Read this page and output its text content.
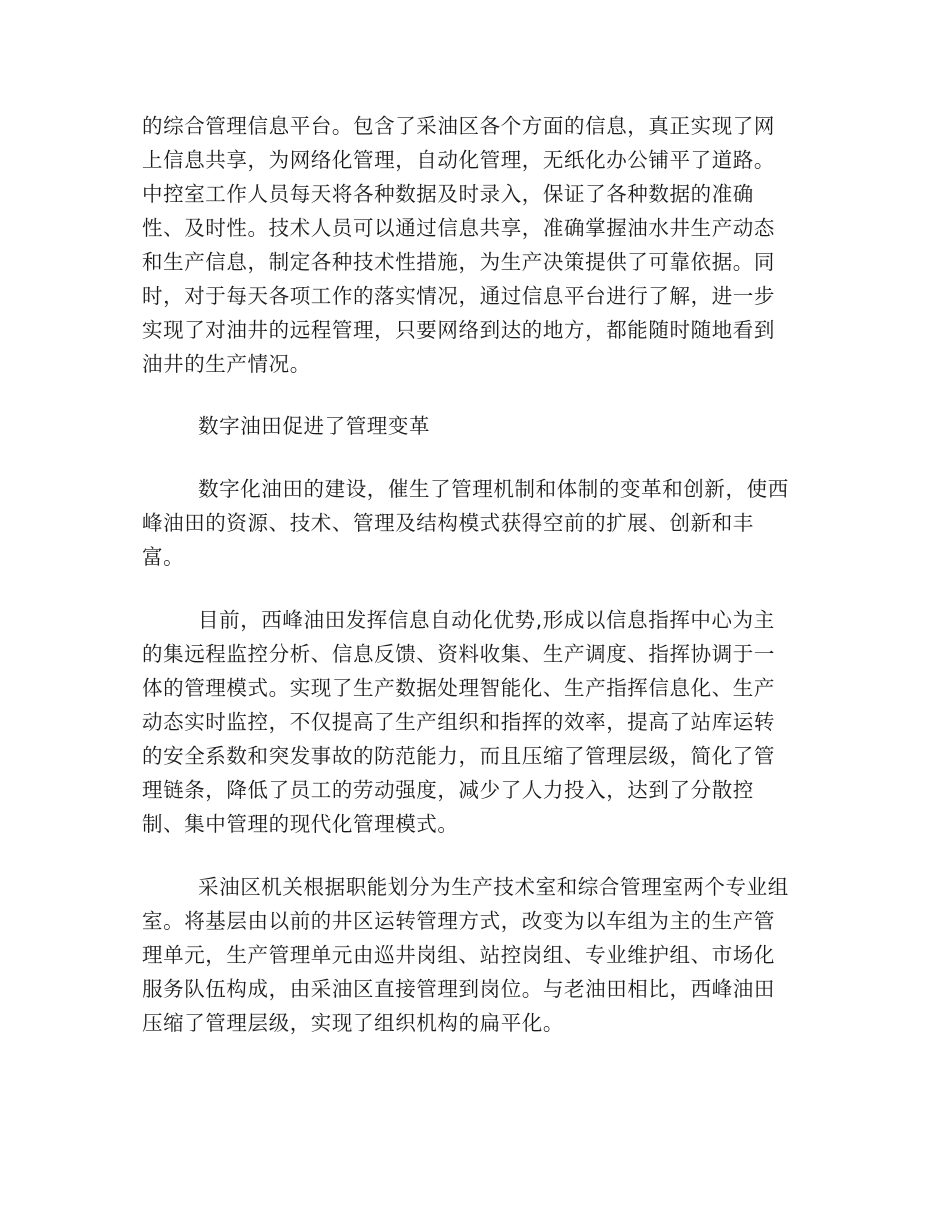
的综合管理信息平台。包含了采油区各个方面的信息，真正实现了网
上信息共享，为网络化管理，自动化管理，无纸化办公铺平了道路。
中控室工作人员每天将各种数据及时录入，保证了各种数据的准确
性、及时性。技术人员可以通过信息共享，准确掌握油水井生产动态
和生产信息，制定各种技术性措施，为生产决策提供了可靠依据。同
时，对于每天各项工作的落实情况，通过信息平台进行了解，进一步
实现了对油井的远程管理，只要网络到达的地方，都能随时随地看到
油井的生产情况。
数字油田促进了管理变革
数字化油田的建设，催生了管理机制和体制的变革和创新，使西
峰油田的资源、技术、管理及结构模式获得空前的扩展、创新和丰
富。
目前，西峰油田发挥信息自动化优势,形成以信息指挥中心为主
的集远程监控分析、信息反馈、资料收集、生产调度、指挥协调于一
体的管理模式。实现了生产数据处理智能化、生产指挥信息化、生产
动态实时监控，不仅提高了生产组织和指挥的效率，提高了站库运转
的安全系数和突发事故的防范能力，而且压缩了管理层级，简化了管
理链条，降低了员工的劳动强度，减少了人力投入，达到了分散控
制、集中管理的现代化管理模式。
采油区机关根据职能划分为生产技术室和综合管理室两个专业组
室。将基层由以前的井区运转管理方式，改变为以车组为主的生产管
理单元，生产管理单元由巡井岗组、站控岗组、专业维护组、市场化
服务队伍构成，由采油区直接管理到岗位。与老油田相比，西峰油田
压缩了管理层级，实现了组织机构的扁平化。
